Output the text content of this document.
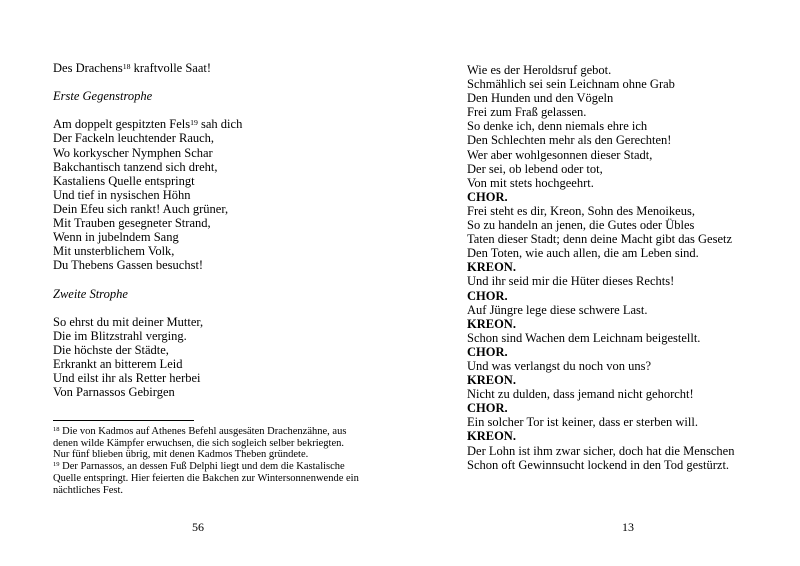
Des Drachens$^{18}$ kraftvolle Saat!
Erste Gegenstrophe
Am doppelt gespitzten Fels$^{19}$ sah dich
Der Fackeln leuchtender Rauch,
Wo korkyscher Nymphen Schar
Bakchantisch tanzend sich dreht,
Kastaliens Quelle entspringt
Und tief in nysischen Höhn
Dein Efeu sich rankt! Auch grüner,
Mit Trauben gesegneter Strand,
Wenn in jubelndem Sang
Mit unsterblichem Volk,
Du Thebens Gassen besuchst!
Zweite Strophe
So ehrst du mit deiner Mutter,
Die im Blitzstrahl verging.
Die höchste der Städte,
Erkrankt an bitterem Leid
Und eilst ihr als Retter herbei
Von Parnassos Gebirgen
$^{18}$ Die von Kadmos auf Athenes Befehl ausgesäten Drachenzähne, aus
denen wilde Kämpfer erwuchsen, die sich sogleich selber bekriegten.
Nur fünf blieben übrig, mit denen Kadmos Theben gründete.
$^{19}$ Der Parnassos, an dessen Fuß Delphi liegt und dem die Kastalische
Quelle entspringt. Hier feierten die Bakchen zur Wintersonnenwende ein
nächtliches Fest.
56
Wie es der Heroldsruf gebot.
Schmählich sei sein Leichnam ohne Grab
Den Hunden und den Vögeln
Frei zum Fraß gelassen.
So denke ich, denn niemals ehre ich
Den Schlechten mehr als den Gerechten!
Wer aber wohlgesonnen dieser Stadt,
Der sei, ob lebend oder tot,
Von mit stets hochgeehrt.
CHOR.
Frei steht es dir, Kreon, Sohn des Menoikeus,
So zu handeln an jenen, die Gutes oder Übles
Taten dieser Stadt; denn deine Macht gibt das Gesetz
Den Toten, wie auch allen, die am Leben sind.
KREON.
Und ihr seid mir die Hüter dieses Rechts!
CHOR.
Auf Jüngre lege diese schwere Last.
KREON.
Schon sind Wachen dem Leichnam beigestellt.
CHOR.
Und was verlangst du noch von uns?
KREON.
Nicht zu dulden, dass jemand nicht gehorcht!
CHOR.
Ein solcher Tor ist keiner, dass er sterben will.
KREON.
Der Lohn ist ihm zwar sicher, doch hat die Menschen
Schon oft Gewinnsucht lockend in den Tod gestürzt.
13
